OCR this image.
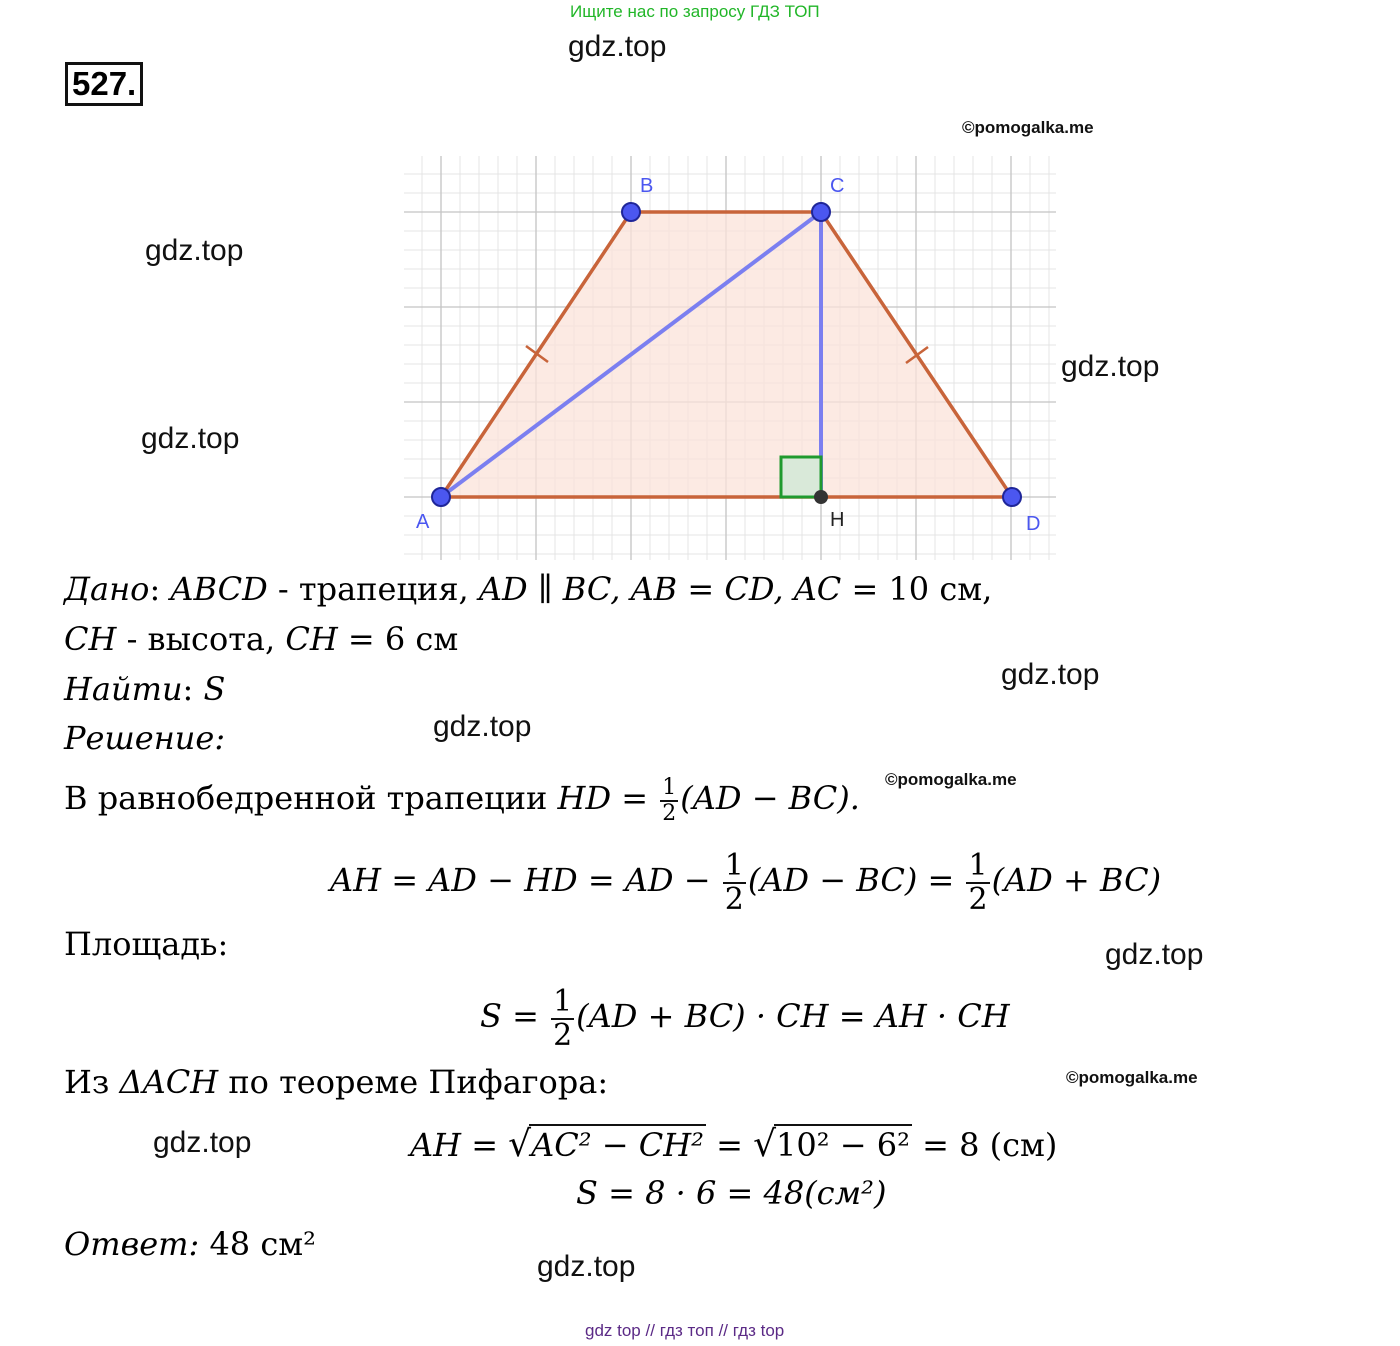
Ищите нас по запросу ГДЗ ТОП
gdz.top
527.
©pomogalka.me
A
B	C
D
H
gdz.top
gdz.top
gdz.top
gdz.top
gdz.top
©pomogalka.me
gdz.top
©pomogalka.me
gdz.top
gdz.top
Дано: ABCD - трапеция, AD ∥ BC, AB = CD, AC = 10 см,
CH - высота, CH = 6 см
Найти: S
Решение:
В равнобедренной трапеции HD = $\frac{1}{2} (AD - BC)$.
AH = AD − HD = AD − $\frac{1}{2} (AD - BC) = \frac{1}{2} (AD + BC)$
Площадь:
$S = \frac{1}{2} (AD + BC)$ · CH = AH · CH
Из ΔACH по теореме Пифагора:
AH = √AC² − CH² = √10² − 6² = 8 (см)
S = 8 · 6 = 48(см²)
Ответ: 48 см²
gdz top // гдз топ // гдз top
